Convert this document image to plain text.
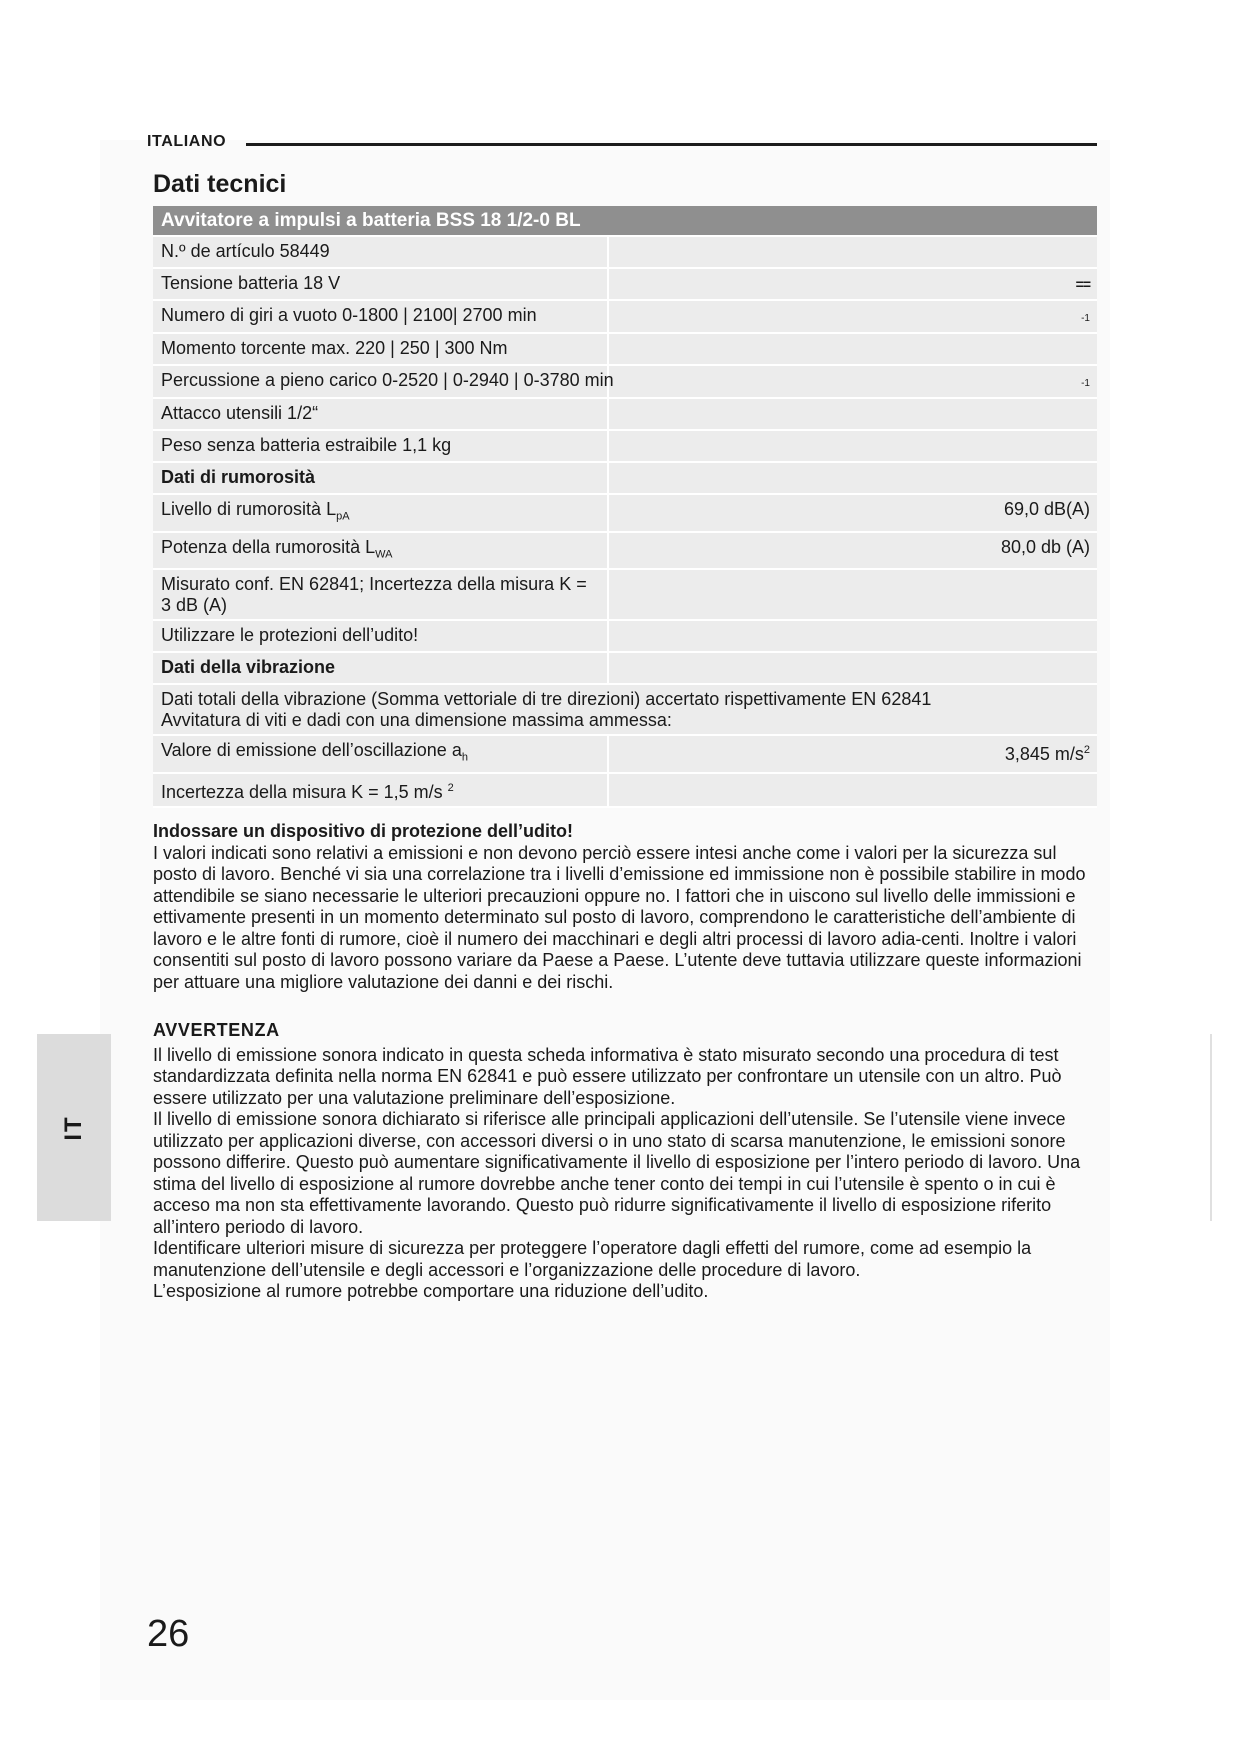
ITALIANO
Dati tecnici
Avvitatore a impulsi a batteria BSS 18 1/2-0 BL	
N.º de artículo 58449	
Tensione batteria 18 V	==
Numero di giri a vuoto 0-1800 | 2100| 2700 min	-1
Momento torcente max. 220 | 250 | 300 Nm	
Percussione a pieno carico 0-2520 | 0-2940 | 0-3780 min	-1
Attacco utensili 1/2“	
Peso senza batteria estraibile 1,1 kg	
Dati di rumorosità	
Livello di rumorosità $L_{pA}$	69,0 dB(A)
Potenza della rumorosità $L_{WA}$	80,0 db (A)
Misurato conf. EN 62841; Incertezza della misura K = 3 dB (A)	
Utilizzare le protezioni dell’udito!	
Dati della vibrazione	
Dati totali della vibrazione (Somma vettoriale di tre direzioni) accertato rispettivamente EN 62841 Avvitatura di viti e dadi con una dimensione massima ammessa:	
Valore di emissione dell’oscillazione $a_h$	3,845 $m/s^2$
Incertezza della misura K = 1,5 m/s $^2$	

Indossare un dispositivo di protezione dell’udito!

I valori indicati sono relativi a emissioni e non devono perciò essere intesi anche come i valori per la sicurezza sul posto di lavoro. Benché vi sia una correlazione tra i livelli d’emissione ed immissione non è possibile stabilire in modo attendibile se siano necessarie le ulteriori precauzioni oppure no. I fattori che in uiscono sul livello delle immissioni e ettivamente presenti in un momento determinato sul posto di lavoro, comprendono le caratteristiche dell’ambiente di lavoro e le altre fonti di rumore, cioè il numero dei macchinari e degli altri processi di lavoro adia-centi. Inoltre i valori consentiti sul posto di lavoro possono variare da Paese a Paese. L’utente deve tuttavia utilizzare queste informazioni per attuare una migliore valutazione dei danni e dei rischi.

AVVERTENZA

Il livello di emissione sonora indicato in questa scheda informativa è stato misurato secondo una procedura di test standardizzata definita nella norma EN 62841 e può essere utilizzato per confrontare un utensile con un altro. Può essere utilizzato per una valutazione preliminare dell’esposizione.

Il livello di emissione sonora dichiarato si riferisce alle principali applicazioni dell’utensile. Se l’utensile viene invece utilizzato per applicazioni diverse, con accessori diversi o in uno stato di scarsa manutenzione, le emissioni sonore possono differire. Questo può aumentare significativamente il livello di esposizione per l’intero periodo di lavoro. Una stima del livello di esposizione al rumore dovrebbe anche tener conto dei tempi in cui l’utensile è spento o in cui è acceso ma non sta effettivamente lavorando. Questo può ridurre significativamente il livello di esposizione riferito all’intero periodo di lavoro.

Identificare ulteriori misure di sicurezza per proteggere l’operatore dagli effetti del rumore, come ad esempio la manutenzione dell’utensile e degli accessori e l’organizzazione delle procedure di lavoro.

L’esposizione al rumore potrebbe comportare una riduzione dell’udito.

IT
26
